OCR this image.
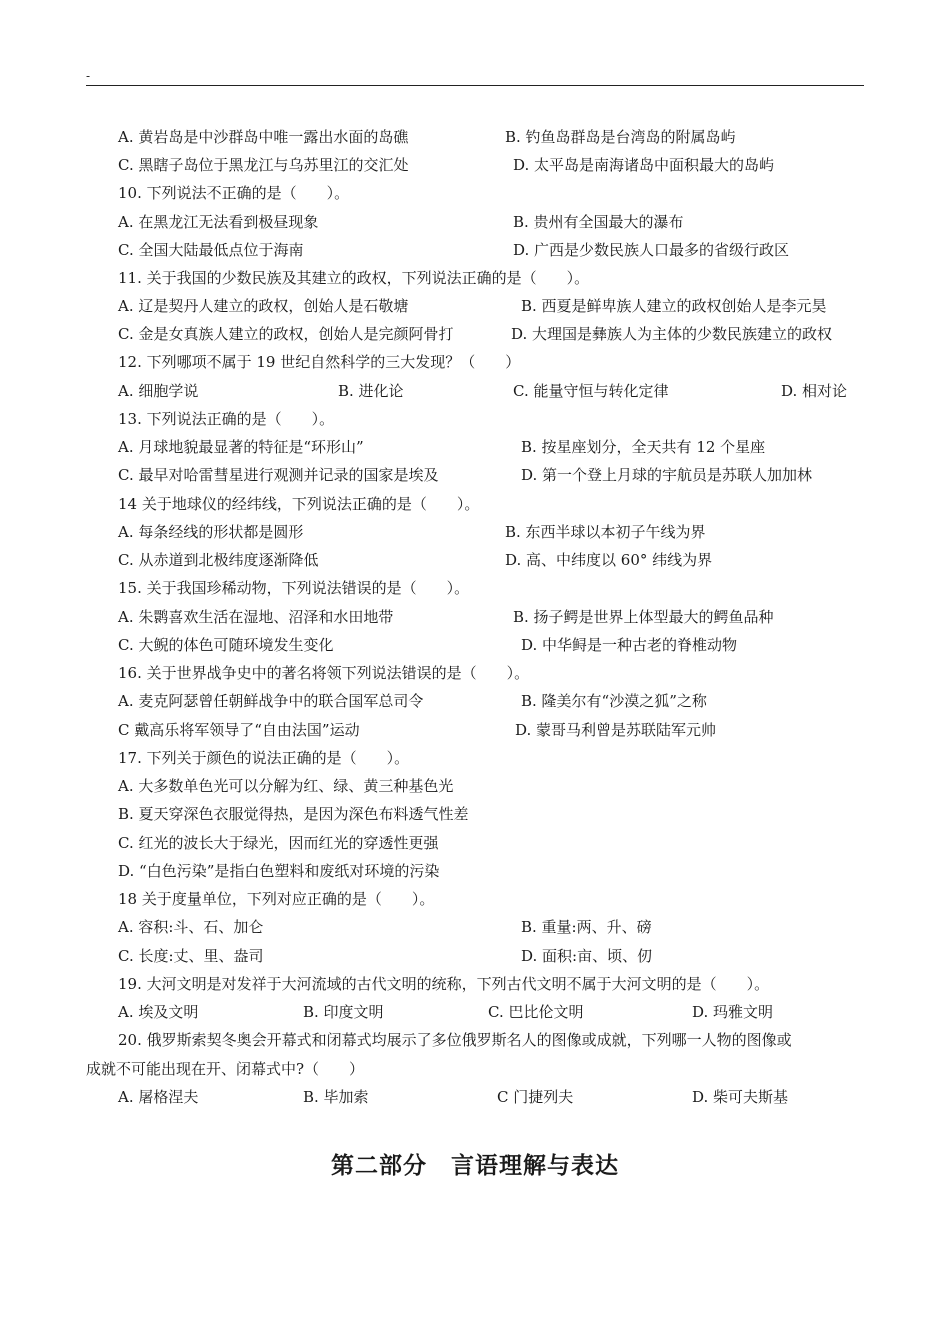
-
A. 黄岩岛是中沙群岛中唯一露出水面的岛礁	B. 钓鱼岛群岛是台湾岛的附属岛屿
C. 黑瞎子岛位于黑龙江与乌苏里江的交汇处	D. 太平岛是南海诸岛中面积最大的岛屿
10. 下列说法不正确的是（　　）。
A. 在黑龙江无法看到极昼现象	B. 贵州有全国最大的瀑布
C. 全国大陆最低点位于海南	D. 广西是少数民族人口最多的省级行政区
11. 关于我国的少数民族及其建立的政权，下列说法正确的是（　　）。
A. 辽是契丹人建立的政权，创始人是石敬塘	B. 西夏是鲜卑族人建立的政权创始人是李元昊
C. 金是女真族人建立的政权，创始人是完颜阿骨打	D. 大理国是彝族人为主体的少数民族建立的政权
12. 下列哪项不属于 19 世纪自然科学的三大发现？（　　）
A. 细胞学说	B. 进化论	C. 能量守恒与转化定律	D. 相对论
13. 下列说法正确的是（　　）。
A. 月球地貌最显著的特征是“环形山”	B. 按星座划分，全天共有 12 个星座
C. 最早对哈雷彗星进行观测并记录的国家是埃及	D. 第一个登上月球的宇航员是苏联人加加林
14 关于地球仪的经纬线，下列说法正确的是（　　）。
A. 每条经线的形状都是圆形	B. 东西半球以本初子午线为界
C. 从赤道到北极纬度逐渐降低	D. 高、中纬度以 60° 纬线为界
15. 关于我国珍稀动物，下列说法错误的是（　　）。
A. 朱鹮喜欢生活在湿地、沼泽和水田地带	B. 扬子鳄是世界上体型最大的鳄鱼品种
C. 大鲵的体色可随环境发生变化	D. 中华鲟是一种古老的脊椎动物
16. 关于世界战争史中的著名将领下列说法错误的是（　　）。
A. 麦克阿瑟曾任朝鲜战争中的联合国军总司令	B. 隆美尔有“沙漠之狐”之称
C 戴高乐将军领导了“自由法国”运动	D. 蒙哥马利曾是苏联陆军元帅
17. 下列关于颜色的说法正确的是（　　）。
A. 大多数单色光可以分解为红、绿、黄三种基色光
B. 夏天穿深色衣服觉得热，是因为深色布料透气性差
C. 红光的波长大于绿光，因而红光的穿透性更强
D. “白色污染”是指白色塑料和废纸对环境的污染
18 关于度量单位，下列对应正确的是（　　）。
A. 容积:斗、石、加仑	B. 重量:两、升、磅
C. 长度:丈、里、盎司	D. 面积:亩、顷、仞
19. 大河文明是对发祥于大河流域的古代文明的统称，下列古代文明不属于大河文明的是（　　）。
A. 埃及文明	B. 印度文明	C. 巴比伦文明	D. 玛雅文明
20. 俄罗斯索契冬奥会开幕式和闭幕式均展示了多位俄罗斯名人的图像或成就，下列哪一人物的图像或
成就不可能出现在开、闭幕式中?（　　）
A. 屠格涅夫	B. 毕加索	C 门捷列夫	D. 柴可夫斯基
第二部分　言语理解与表达
